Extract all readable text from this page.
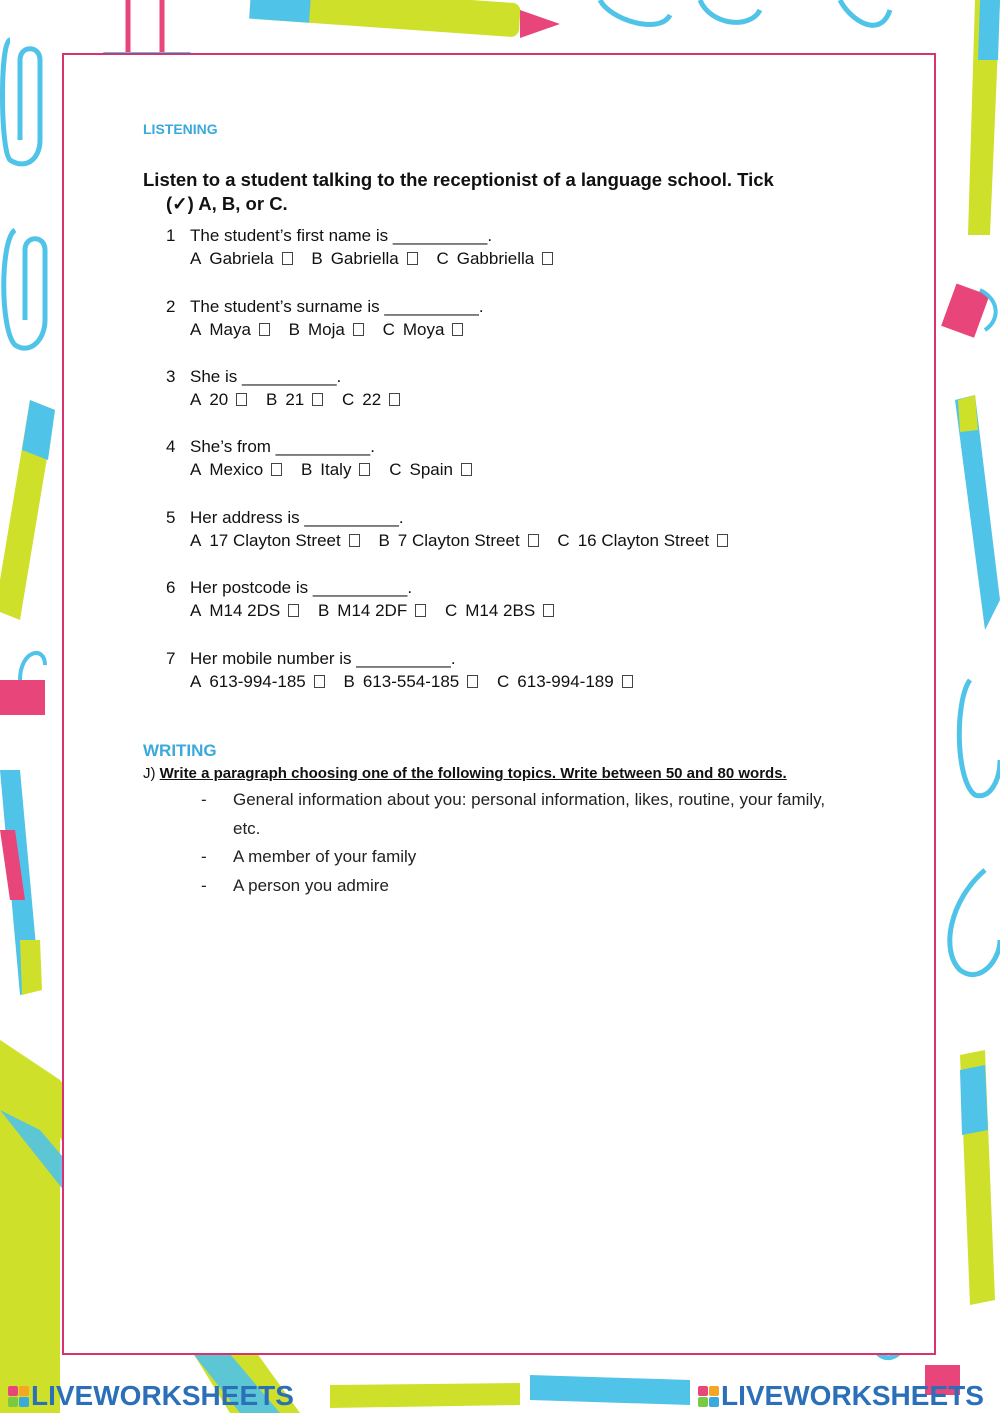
LISTENING
Listen to a student talking to the receptionist of a language school. Tick
(✓) A, B, or C.
1 The student’s first name is __________.
A Gabriela B Gabriella C Gabbriella
2 The student’s surname is __________.
A Maya B Moja C Moya
3 She is __________.
A 20 B 21 C 22
4 She’s from __________.
A Mexico B Italy C Spain
5 Her address is __________.
A 17 Clayton Street B 7 Clayton Street C 16 Clayton Street
6 Her postcode is __________.
A M14 2DS B M14 2DF C M14 2BS
7 Her mobile number is __________.
A 613-994-185 B 613-554-185 C 613-994-189
WRITING
J) Write a paragraph choosing one of the following topics. Write between 50 and 80 words.
- General information about you: personal information, likes, routine, your family, etc.
- A member of your family
- A person you admire
LIVEWORKSHEETS	LIVEWORKSHEETS
